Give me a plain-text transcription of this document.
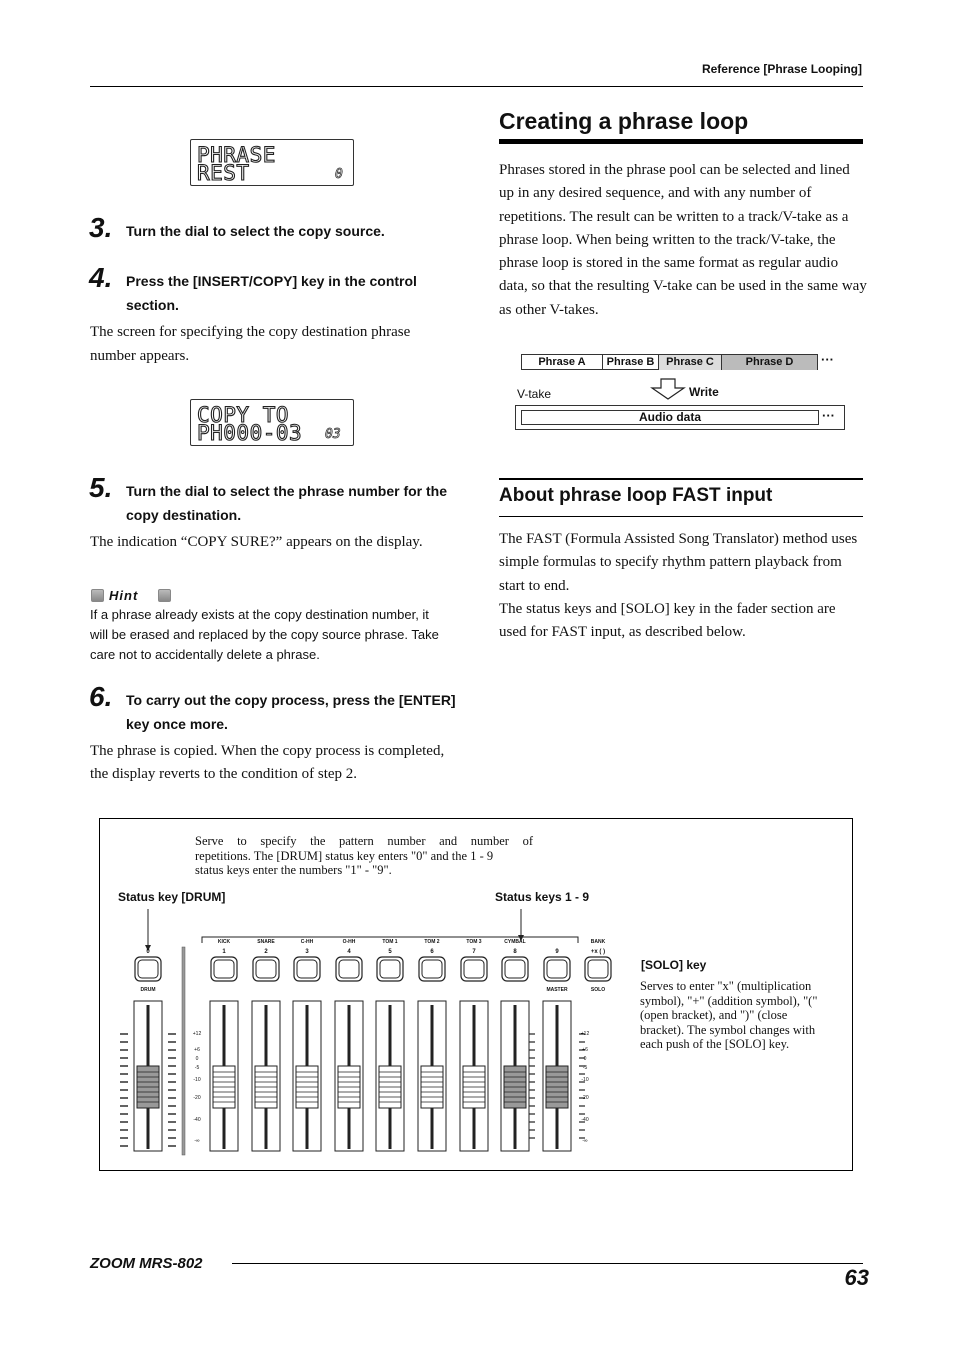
Reference [Phrase Looping]
PHRASE
REST	0
3. Turn the dial to select the copy source.
4. Press the [INSERT/COPY] key in the control
section.
The screen for specifying the copy destination phrase
number appears.
COPY TO
PH000-03 03
5. Turn the dial to select the phrase number for the
copy destination.
The indication “COPY SURE?” appears on the display.
Hint
If a phrase already exists at the copy destination number, it
will be erased and replaced by the copy source phrase. Take
care not to accidentally delete a phrase.
6. To carry out the copy process, press the [ENTER]
key once more.
The phrase is copied. When the copy process is completed,
the display reverts to the condition of step 2.
Creating a phrase loop
Phrases stored in the phrase pool can be selected and lined
up in any desired sequence, and with any number of
repetitions. The result can be written to a track/V-take as a
phrase loop. When being written to the track/V-take, the
phrase loop is stored in the same format as regular audio
data, so that the resulting V-take can be used in the same way
as other V-takes.
Phrase A	Phrase B	Phrase C	Phrase D	···
Write
V-take
Audio data	···
About phrase loop FAST input
The FAST (Formula Assisted Song Translator) method uses
simple formulas to specify rhythm pattern playback from
start to end.
The status keys and [SOLO] key in the fader section are
used for FAST input, as described below.
Serve to specify the pattern number and number of
repetitions. The [DRUM] status key enters "0" and the 1 - 9
status keys enter the numbers "1" - "9".
Status key [DRUM]	Status keys 1 - 9
[SOLO] key
Serves to enter "x" (multiplication
symbol), "+" (addition symbol), "("
(open bracket), and ")" (close
bracket). The symbol changes with
each push of the [SOLO] key.
0
DRUM
KICK
1
SNARE
2
C-HH
3
O-HH
4
TOM 1
5
TOM 2
6
TOM 3
7
CYMBAL
8	9
MASTER
BANK
+x ( )
SOLO
+12	+12
+6	+6
0	0
-5	-5
-10	-10
-20	-20
-40	-40
-∞	-∞
ZOOM MRS-802
63
